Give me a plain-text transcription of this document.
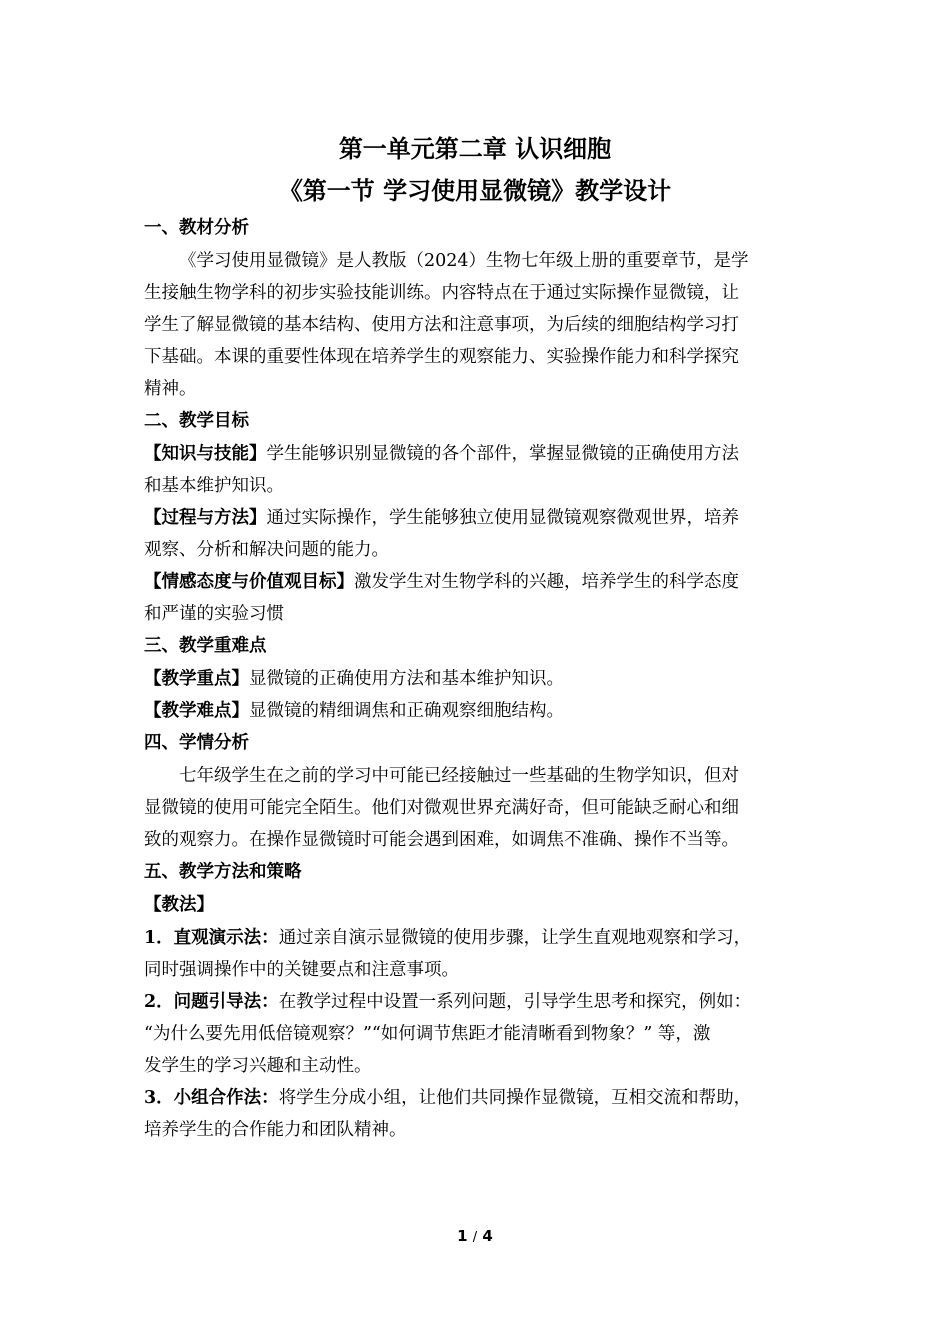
第一单元第二章 认识细胞

《第一节 学习使用显微镜》教学设计

一、教材分析

《学习使用显微镜》是人教版（2024）生物七年级上册的重要章节，是学

生接触生物学科的初步实验技能训练。内容特点在于通过实际操作显微镜，让

学生了解显微镜的基本结构、使用方法和注意事项，为后续的细胞结构学习打

下基础。本课的重要性体现在培养学生的观察能力、实验操作能力和科学探究

精神。

二、教学目标

【知识与技能】学生能够识别显微镜的各个部件，掌握显微镜的正确使用方法

和基本维护知识。

【过程与方法】通过实际操作，学生能够独立使用显微镜观察微观世界，培养

观察、分析和解决问题的能力。

【情感态度与价值观目标】激发学生对生物学科的兴趣，培养学生的科学态度

和严谨的实验习惯

三、教学重难点

【教学重点】显微镜的正确使用方法和基本维护知识。

【教学难点】显微镜的精细调焦和正确观察细胞结构。

四、学情分析

七年级学生在之前的学习中可能已经接触过一些基础的生物学知识，但对

显微镜的使用可能完全陌生。他们对微观世界充满好奇，但可能缺乏耐心和细

致的观察力。在操作显微镜时可能会遇到困难，如调焦不准确、操作不当等。

五、教学方法和策略

【教法】

1．直观演示法：通过亲自演示显微镜的使用步骤，让学生直观地观察和学习，

同时强调操作中的关键要点和注意事项。

2．问题引导法：在教学过程中设置一系列问题，引导学生思考和探究，例如：

“为什么要先用低倍镜观察？”“如何调节焦距才能清晰看到物象？” 等，激

发学生的学习兴趣和主动性。

3．小组合作法：将学生分成小组，让他们共同操作显微镜，互相交流和帮助，

培养学生的合作能力和团队精神。

1 / 4
